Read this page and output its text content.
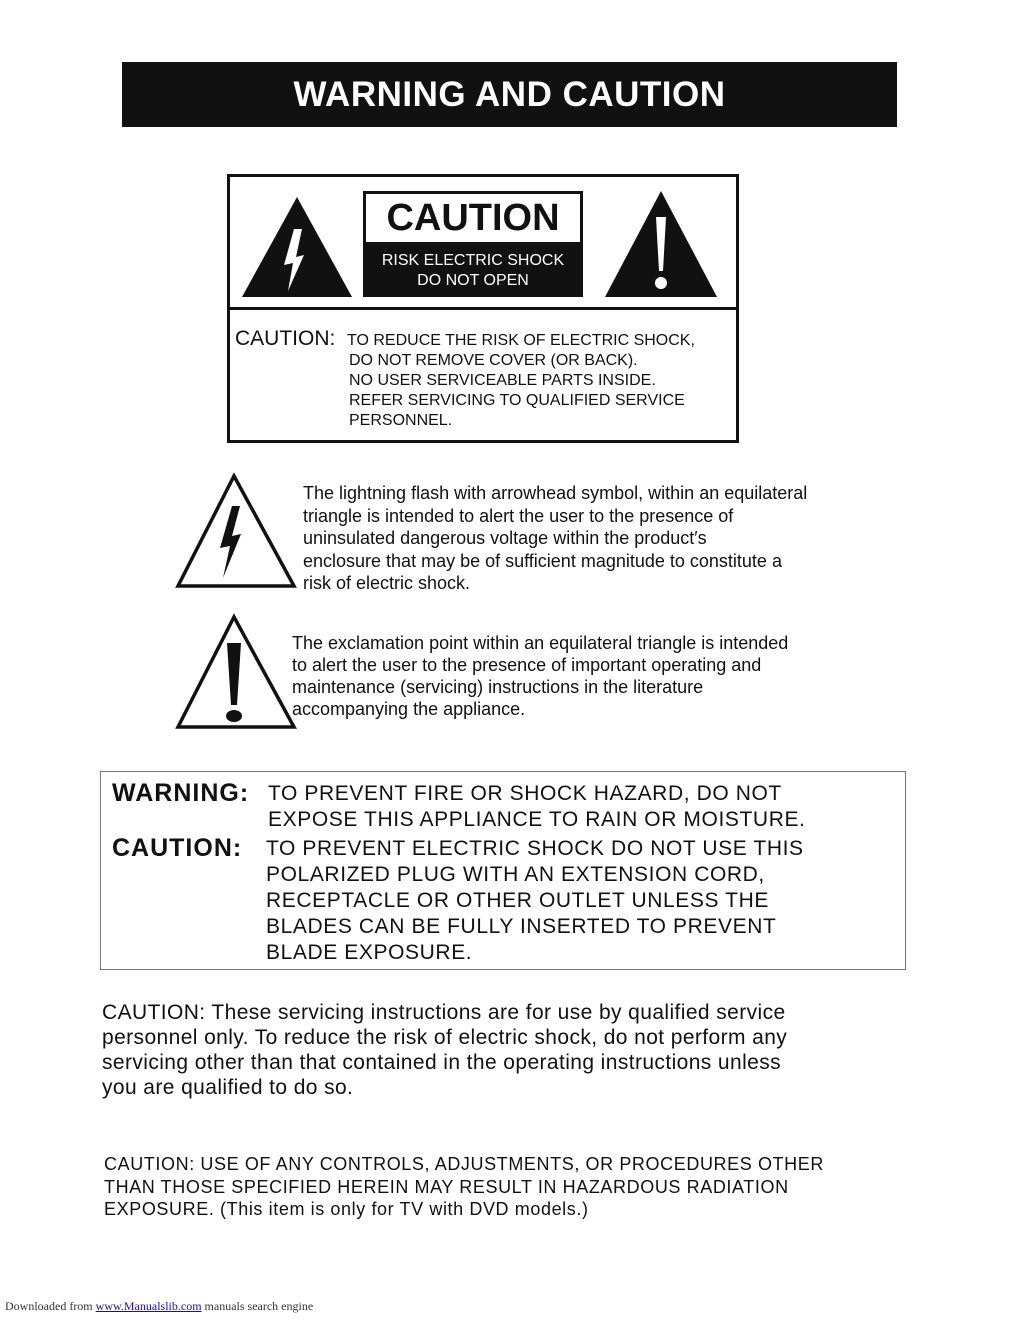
WARNING AND CAUTION
CAUTION
RISK ELECTRIC SHOCK
DO NOT OPEN
CAUTION: TO REDUCE THE RISK OF ELECTRIC SHOCK,
DO NOT REMOVE COVER (OR BACK).
NO USER SERVICEABLE PARTS INSIDE.
REFER SERVICING TO QUALIFIED SERVICE
PERSONNEL.
The lightning flash with arrowhead symbol, within an equilateral
triangle is intended to alert the user to the presence of
uninsulated dangerous voltage within the product′s
enclosure that may be of sufficient magnitude to constitute a
risk of electric shock.
The exclamation point within an equilateral triangle is intended
to alert the user to the presence of important operating and
maintenance (servicing) instructions in the literature
accompanying the appliance.
WARNING: TO PREVENT FIRE OR SHOCK HAZARD, DO NOT
EXPOSE THIS APPLIANCE TO RAIN OR MOISTURE.
CAUTION: TO PREVENT ELECTRIC SHOCK DO NOT USE THIS
POLARIZED PLUG WITH AN EXTENSION CORD,
RECEPTACLE OR OTHER OUTLET UNLESS THE
BLADES CAN BE FULLY INSERTED TO PREVENT
BLADE EXPOSURE.
CAUTION: These servicing instructions are for use by qualified service
personnel only. To reduce the risk of electric shock, do not perform any
servicing other than that contained in the operating instructions unless
you are qualified to do so.
CAUTION: USE OF ANY CONTROLS, ADJUSTMENTS, OR PROCEDURES OTHER
THAN THOSE SPECIFIED HEREIN MAY RESULT IN HAZARDOUS RADIATION
EXPOSURE. (This item is only for TV with DVD models.)
Downloaded from www.Manualslib.com manuals search engine
